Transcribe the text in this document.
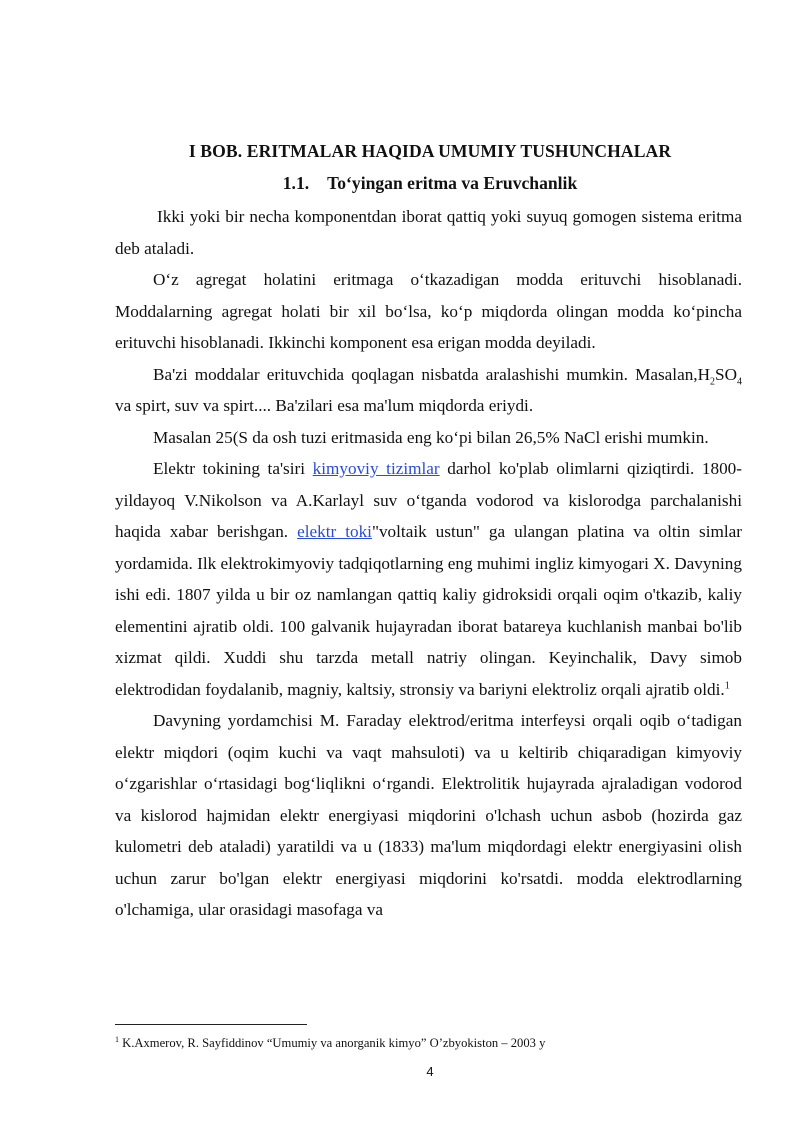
I BOB. ERITMALAR HAQIDA UMUMIY TUSHUNCHALAR
1.1. To‘yingan eritma va Eruvchanlik

Ikki yoki bir necha komponentdan iborat qattiq yoki suyuq gomogen sistema eritma deb ataladi.

O‘z agregat holatini eritmaga o‘tkazadigan modda erituvchi hisoblanadi. Moddalarning agregat holati bir xil bo‘lsa, ko‘p miqdorda olingan modda ko‘pincha erituvchi hisoblanadi. Ikkinchi komponent esa erigan modda deyiladi.

Ba'zi moddalar erituvchida qoqlagan nisbatda aralashishi mumkin. $Masalan,H_2SO_4$ va spirt, suv va spirt.... Ba'zilari esa ma'lum miqdorda eriydi.

Masalan 25(S da osh tuzi eritmasida eng ko‘pi bilan 26,5% NaCl erishi mumkin.

Elektr tokining ta'siri kimyoviy tizimlar darhol ko'plab olimlarni qiziqtirdi. 1800-yildayoq V.Nikolson va A.Karlayl suv o‘tganda vodorod va kislorodga parchalanishi haqida xabar berishgan. elektr toki"voltaik ustun" ga ulangan platina va oltin simlar yordamida. Ilk elektrokimyoviy tadqiqotlarning eng muhimi ingliz kimyogari X. Davyning ishi edi. 1807 yilda u bir oz namlangan qattiq kaliy gidroksidi orqali oqim o'tkazib, kaliy elementini ajratib oldi. 100 galvanik hujayradan iborat batareya kuchlanish manbai bo'lib xizmat qildi. Xuddi shu tarzda metall natriy olingan. Keyinchalik, Davy simob elektrodidan foydalanib, magniy, kaltsiy, stronsiy va bariyni elektroliz orqali ajratib oldi.$^1$

Davyning yordamchisi M. Faraday elektrod/eritma interfeysi orqali oqib o‘tadigan elektr miqdori (oqim kuchi va vaqt mahsuloti) va u keltirib chiqaradigan kimyoviy o‘zgarishlar o‘rtasidagi bog‘liqlikni o‘rgandi. Elektrolitik hujayrada ajraladigan vodorod va kislorod hajmidan elektr energiyasi miqdorini o'lchash uchun asbob (hozirda gaz kulometri deb ataladi) yaratildi va u (1833) ma'lum miqdordagi elektr energiyasini olish uchun zarur bo'lgan elektr energiyasi miqdorini ko'rsatdi. modda elektrodlarning o'lchamiga, ular orasidagi masofaga va

$^1$ K.Axmerov, R. Sayfiddinov “Umumiy va anorganik kimyo” O’zbyokiston – 2003 y
4
